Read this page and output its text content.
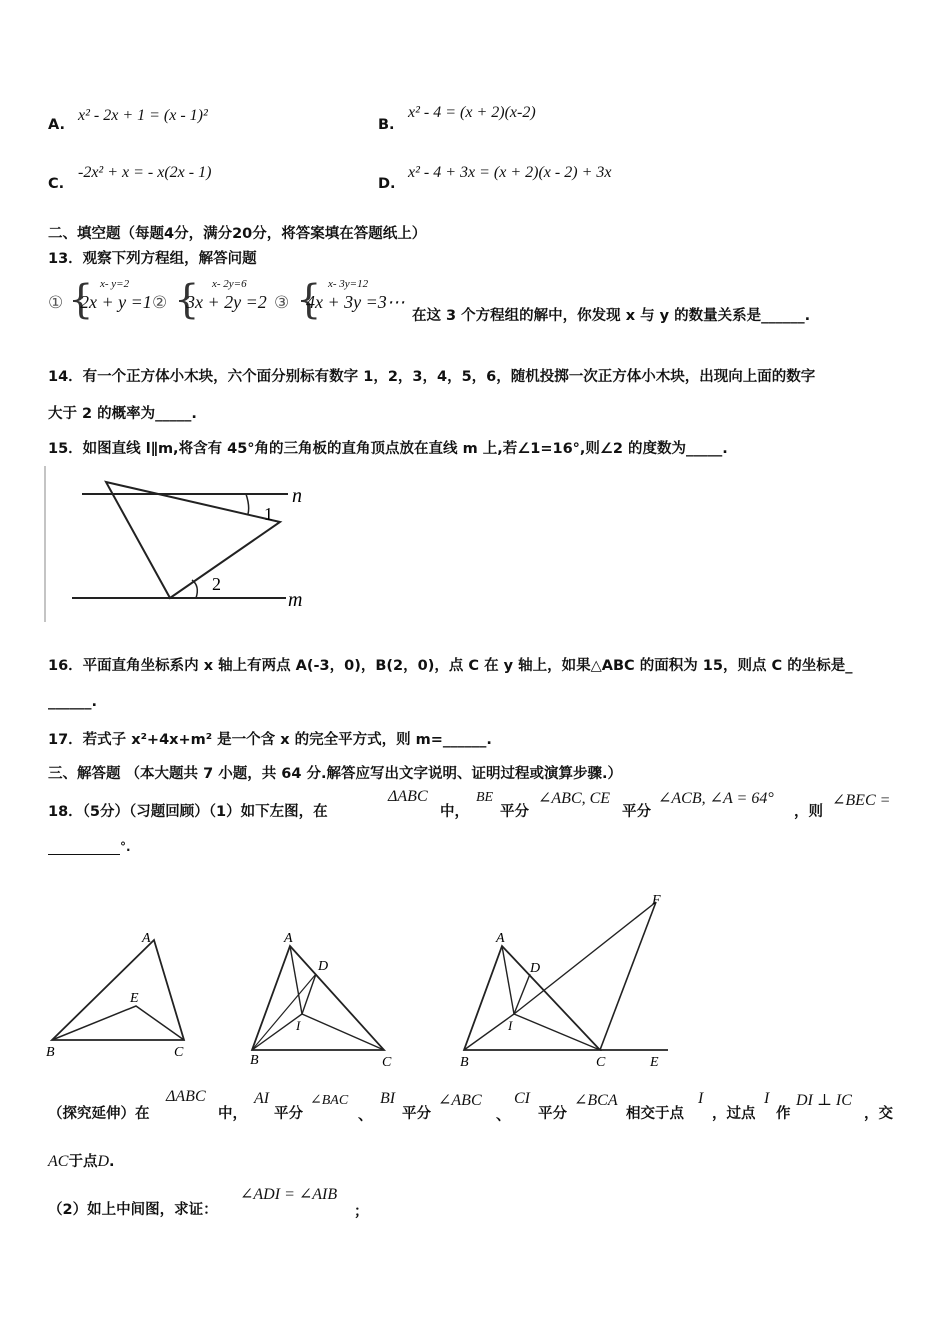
A.
x² - 2x + 1 = (x - 1)²
B.
x² - 4 = (x + 2)(x-2)
C.
-2x² + x = - x(2x - 1)
D.
x² - 4 + 3x = (x + 2)(x - 2) + 3x
二、填空题（每题4分，满分20分，将答案填在答题纸上）
13．观察下列方程组，解答问题
① { x- y=2
2x + y =1 ② { x- 2y=6
3x + 2y =2 ③ { x- 3y=12
4x + 3y =3⋯
在这 3 个方程组的解中，你发现 x 与 y 的数量关系是______.
14．有一个正方体小木块，六个面分别标有数字 1，2，3，4，5，6，随机投掷一次正方体小木块，出现向上面的数字
大于 2 的概率为_____.
15．如图直线 l∥m,将含有 45°角的三角板的直角顶点放在直线 m 上,若∠1=16°,则∠2 的度数为_____.
n
m
1
2
16．平面直角坐标系内 x 轴上有两点 A(-3，0)，B(2，0)，点 C 在 y 轴上，如果△ABC 的面积为 15，则点 C 的坐标是_
______.
17．若式子 x²+4x+m² 是一个含 x 的完全平方式，则 m=______.
三、解答题 （本大题共 7 小题，共 64 分.解答应写出文字说明、证明过程或演算步骤.）
18．（5分）（习题回顾）（1）如下左图，在
ΔABC
中，
BE
平分
∠ABC, CE
平分
∠ACB, ∠A = 64°
，则
∠BEC =
°.
A
B	C
E
A
B	C
D
I
A
B	C
D
I
E
F
（探究延伸）在
ΔABC
中，
AI
平分
∠BAC
、
BI
平分
∠ABC
、
CI
平分
∠BCA
相交于点
I
，过点
I
作
DI ⊥ IC
，交
AC于点D.
（2）如上中间图，求证：
∠ADI = ∠AIB
；
